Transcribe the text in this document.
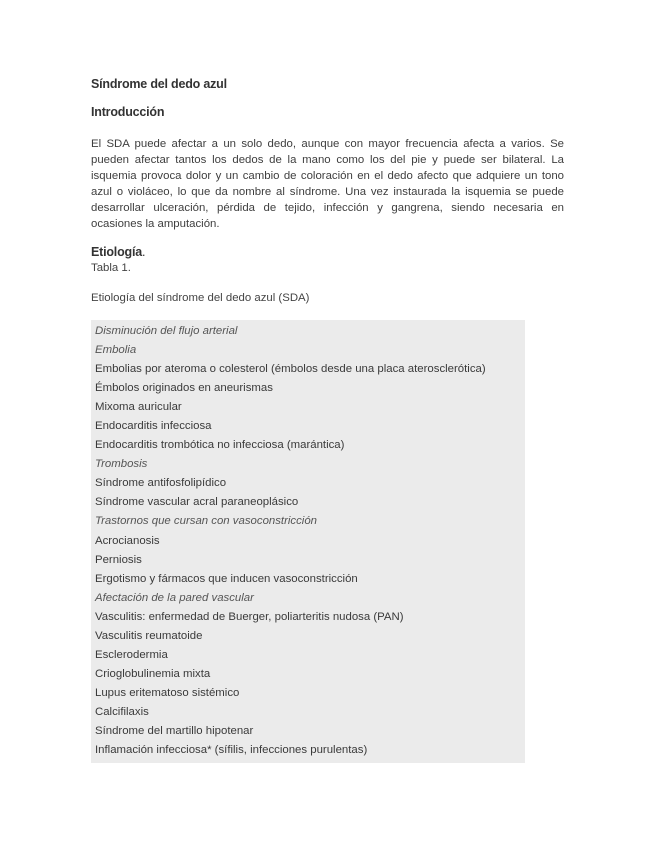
Síndrome del dedo azul
Introducción

El SDA puede afectar a un solo dedo, aunque con mayor frecuencia afecta a varios. Se pueden afectar tantos los dedos de la mano como los del pie y puede ser bilateral. La isquemia provoca dolor y un cambio de coloración en el dedo afecto que adquiere un tono azul o violáceo, lo que da nombre al síndrome. Una vez instaurada la isquemia se puede desarrollar ulceración, pérdida de tejido, infección y gangrena, siendo necesaria en ocasiones la amputación.

Etiología.

Tabla 1.

Etiología del síndrome del dedo azul (SDA)

Disminución del flujo arterial
Embolia
Embolias por ateroma o colesterol (émbolos desde una placa aterosclerótica)
Émbolos originados en aneurismas
Mixoma auricular
Endocarditis infecciosa
Endocarditis trombótica no infecciosa (marántica)
Trombosis
Síndrome antifosfolipídico
Síndrome vascular acral paraneoplásico
Trastornos que cursan con vasoconstricción
Acrocianosis
Perniosis
Ergotismo y fármacos que inducen vasoconstricción
Afectación de la pared vascular
Vasculitis: enfermedad de Buerger, poliarteritis nudosa (PAN)
Vasculitis reumatoide
Esclerodermia
Crioglobulinemia mixta
Lupus eritematoso sistémico
Calcifilaxis
Síndrome del martillo hipotenar
Inflamación infecciosa* (sífilis, infecciones purulentas)
